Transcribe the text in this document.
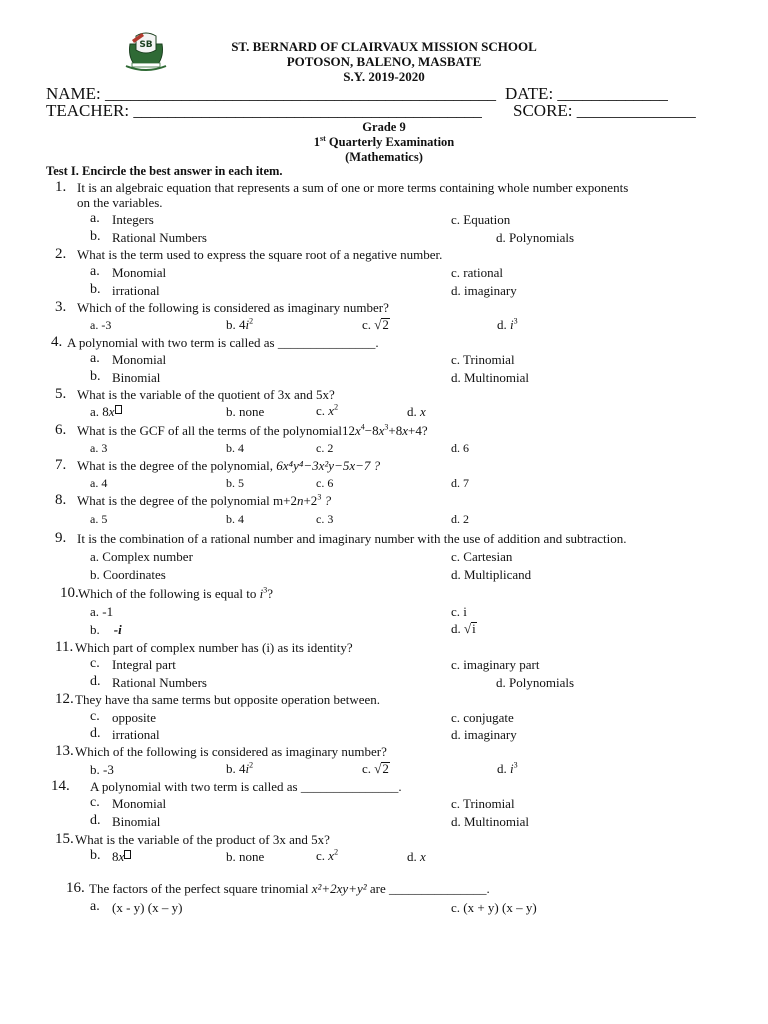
SB	ST. BERNARD OF CLAIRVAUX MISSION SCHOOL
POTOSON, BALENO, MASBATE
S.Y. 2019-2020
NAME: ______________________________________________ DATE: _____________
TEACHER: _________________________________________ SCORE: ______________
Grade 9
1st Quarterly Examination
(Mathematics)
Test I. Encircle the best answer in each item.
1. It is an algebraic equation that represents a sum of one or more terms containing whole number exponents
on the variables.
a. Integers	c. Equation
b. Rational Numbers	d. Polynomials
2. What is the term used to express the square root of a negative number.
a. Monomial	c. rational
b. irrational	d. imaginary
3. Which of the following is considered as imaginary number?
a. -3	b. $4i^2$	c. √2	d. $i^3$
4. A polynomial with two term is called as _______________.
a. Monomial	c. Trinomial
b. Binomial	d. Multinomial
5. What is the variable of the quotient of 3x and 5x?
a. 8x	b. none	c. $x^2$	d. x
6. What is the GCF of all the terms of the $polynomial12x^4-8x^3+8x+4$?
a. 3	b. 4	c. 2	d. 6
7. What is the degree of the polynomial, 6x⁴y⁴−3x²y−5x−7 ?
a. 4	b. 5	c. 6	d. 7
8. What is the degree of the polynomial $m+2n+2^3$ ?
a. 5	b. 4	c. 3	d. 2
9. It is the combination of a rational number and imaginary number with the use of addition and subtraction.
a. Complex number	c. Cartesian
b. Coordinates	d. Multiplicand
10. Which of the following is equal to $i^3$?
a. -1	c. i
b. -i	d. √i
11. Which part of complex number has (i) as its identity?
c. Integral part	c. imaginary part
d. Rational Numbers	d. Polynomials
12. They have tha same terms but opposite operation between.
c. opposite	c. conjugate
d. irrational	d. imaginary
13. Which of the following is considered as imaginary number?
b. -3	b. $4i^2$	c. √2	d. $i^3$
14. A polynomial with two term is called as _______________.
c. Monomial	c. Trinomial
d. Binomial	d. Multinomial
15. What is the variable of the product of 3x and 5x?
b. 8x	b. none	c. $x^2$	d. x
16. The factors of the perfect square trinomial x²+2xy+y² are _______________.
a. (x - y) (x – y)	c. (x + y) (x – y)
